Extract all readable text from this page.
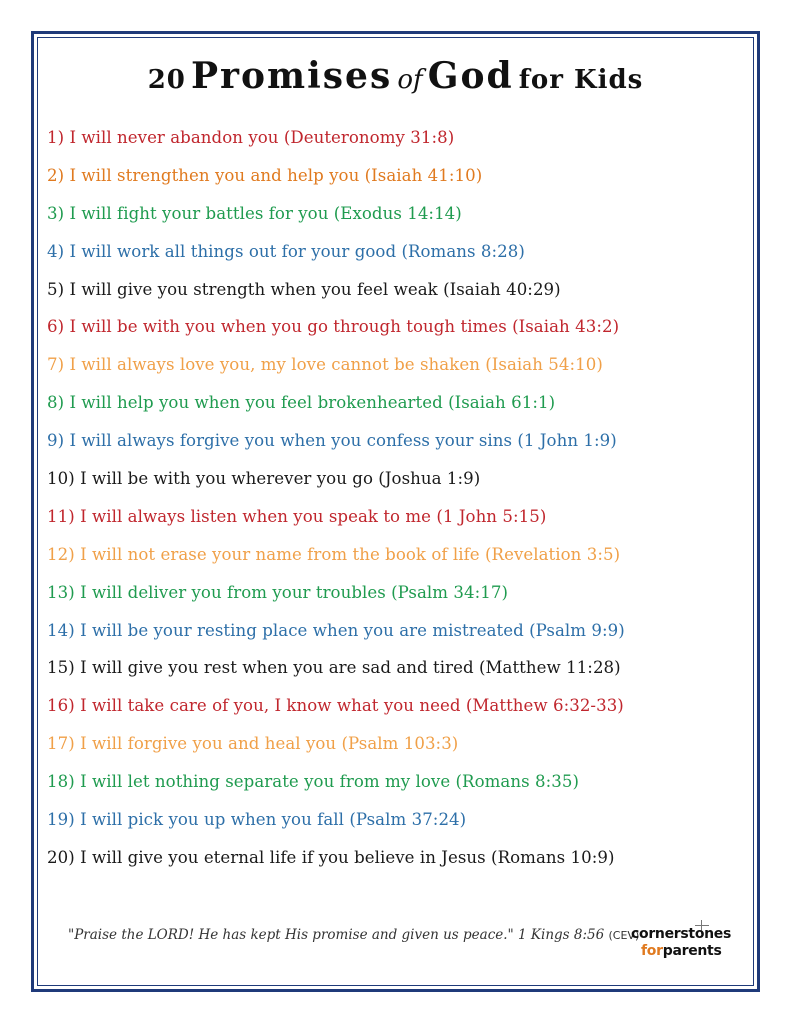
20 Promises of God for Kids
1) I will never abandon you (Deuteronomy 31:8)
2) I will strengthen you and help you (Isaiah 41:10)
3) I will fight your battles for you (Exodus 14:14)
4) I will work all things out for your good (Romans 8:28)
5) I will give you strength when you feel weak (Isaiah 40:29)
6) I will be with you when you go through tough times (Isaiah 43:2)
7) I will always love you, my love cannot be shaken (Isaiah 54:10)
8) I will help you when you feel brokenhearted (Isaiah 61:1)
9) I will always forgive you when you confess your sins (1 John 1:9)
10) I will be with you wherever you go (Joshua 1:9)
11) I will always listen when you speak to me (1 John 5:15)
12) I will not erase your name from the book of life (Revelation 3:5)
13) I will deliver you from your troubles (Psalm 34:17)
14) I will be your resting place when you are mistreated (Psalm 9:9)
15) I will give you rest when you are sad and tired (Matthew 11:28)
16) I will take care of you, I know what you need (Matthew 6:32-33)
17) I will forgive you and heal you (Psalm 103:3)
18) I will let nothing separate you from my love (Romans 8:35)
19) I will pick you up when you fall (Psalm 37:24)
20) I will give you eternal life if you believe in Jesus (Romans 10:9)
"Praise the LORD! He has kept His promise and given us peace." 1 Kings 8:56 (CEV)
cornerstones
forparents
